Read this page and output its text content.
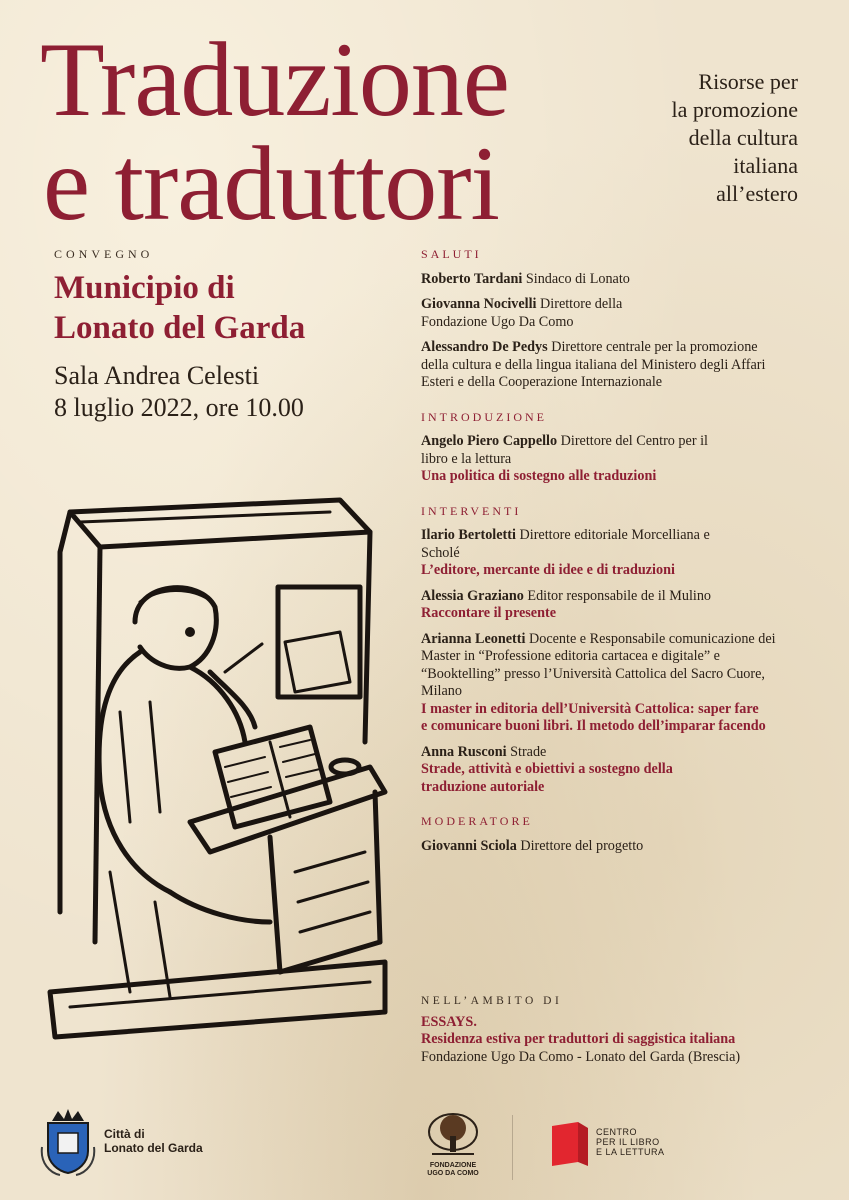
Traduzione
e traduttori
Risorse per
la promozione
della cultura
italiana
all’estero
CONVEGNO
Municipio di
Lonato del Garda
Sala Andrea Celesti
8 luglio 2022, ore 10.00
SALUTI
Roberto Tardani Sindaco di Lonato
Giovanna Nocivelli Direttore della Fondazione Ugo Da Como
Alessandro De Pedys Direttore centrale per la promozione della cultura e della lingua italiana del Ministero degli Affari Esteri e della Cooperazione Internazionale
INTRODUZIONE
Angelo Piero Cappello Direttore del Centro per il libro e la lettura
Una politica di sostegno alle traduzioni
INTERVENTI
Ilario Bertoletti Direttore editoriale Morcelliana e Scholé
L’editore, mercante di idee e di traduzioni
Alessia Graziano Editor responsabile de il Mulino
Raccontare il presente
Arianna Leonetti Docente e Responsabile comunicazione dei Master in “Professione editoria cartacea e digitale” e “Booktelling” presso l’Università Cattolica del Sacro Cuore, Milano
I master in editoria dell’Università Cattolica: saper fare e comunicare buoni libri. Il metodo dell’imparar facendo
Anna Rusconi Strade
Strade, attività e obiettivi a sostegno della traduzione autoriale
MODERATORE
Giovanni Sciola Direttore del progetto
NELL’AMBITO DI
ESSAYS.
Residenza estiva per traduttori di saggistica italiana
Fondazione Ugo Da Como - Lonato del Garda (Brescia)
Città di
Lonato del Garda
FONDAZIONE
UGO DA COMO
CENTRO
PER IL LIBRO
E LA LETTURA
